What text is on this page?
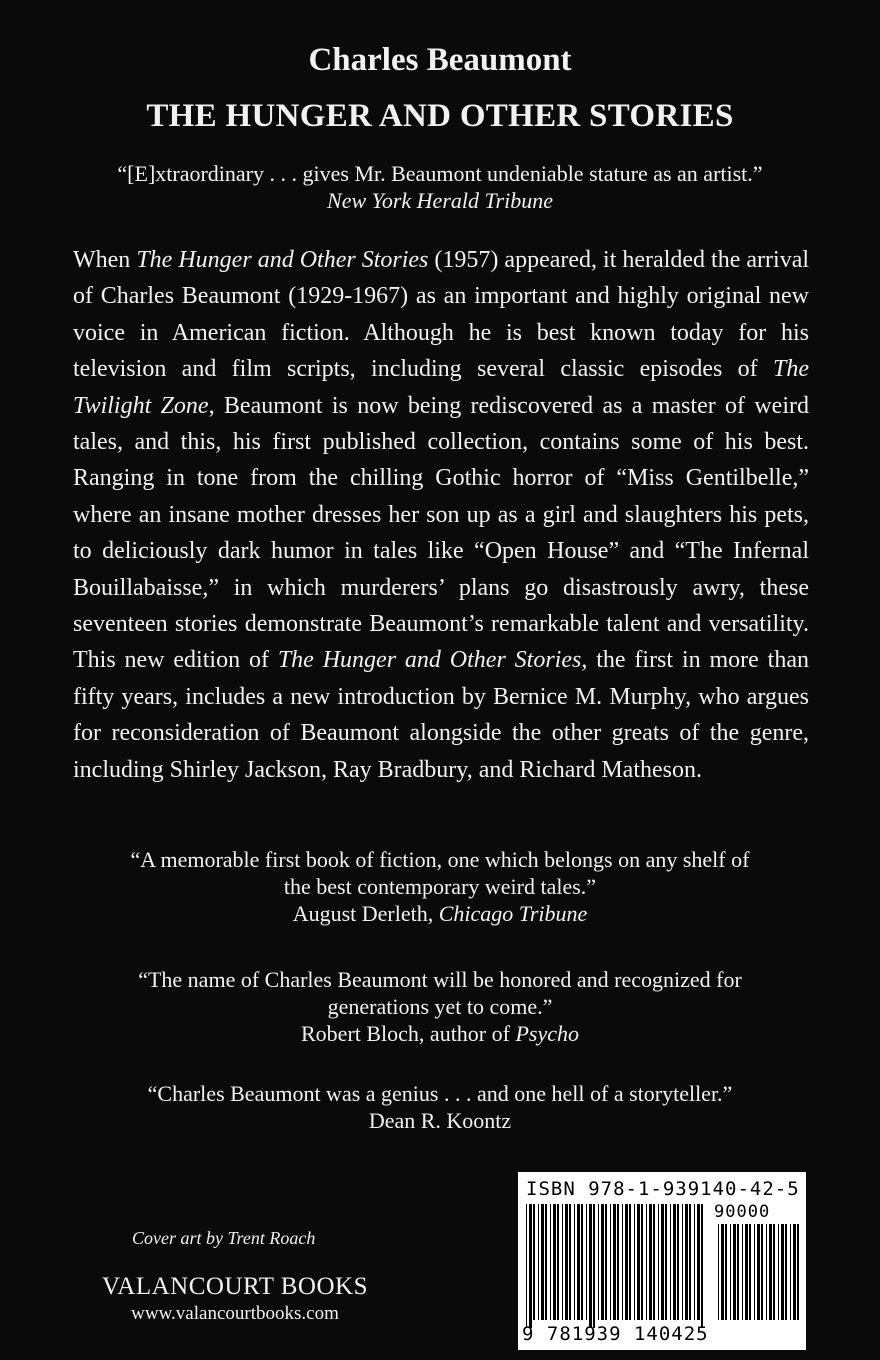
Charles Beaumont
THE HUNGER AND OTHER STORIES
“[E]xtraordinary . . . gives Mr. Beaumont undeniable stature as an artist.”
New York Herald Tribune

When The Hunger and Other Stories (1957) appeared, it heralded the arrival of Charles Beaumont (1929-1967) as an important and highly original new voice in American fiction. Although he is best known today for his television and film scripts, including several classic episodes of The Twilight Zone, Beaumont is now being rediscovered as a master of weird tales, and this, his first published collection, contains some of his best. Ranging in tone from the chilling Gothic horror of “Miss Gentilbelle,” where an insane mother dresses her son up as a girl and slaughters his pets, to deliciously dark humor in tales like “Open House” and “The Infernal Bouillabaisse,” in which murderers’ plans go disastrously awry, these seventeen stories demonstrate Beaumont’s remarkable talent and versatility. This new edition of The Hunger and Other Stories, the first in more than fifty years, includes a new introduction by Bernice M. Murphy, who argues for reconsideration of Beaumont alongside the other greats of the genre, including Shirley Jackson, Ray Bradbury, and Richard Matheson.

“A memorable first book of fiction, one which belongs on any shelf of
the best contemporary weird tales.”
August Derleth, Chicago Tribune
“The name of Charles Beaumont will be honored and recognized for
generations yet to come.”
Robert Bloch, author of Psycho
“Charles Beaumont was a genius . . . and one hell of a storyteller.”
Dean R. Koontz
Cover art by Trent Roach
VALANCOURT BOOKS
www.valancourtbooks.com
ISBN 978-1-939140-42-5
90000
9 781939 140425
